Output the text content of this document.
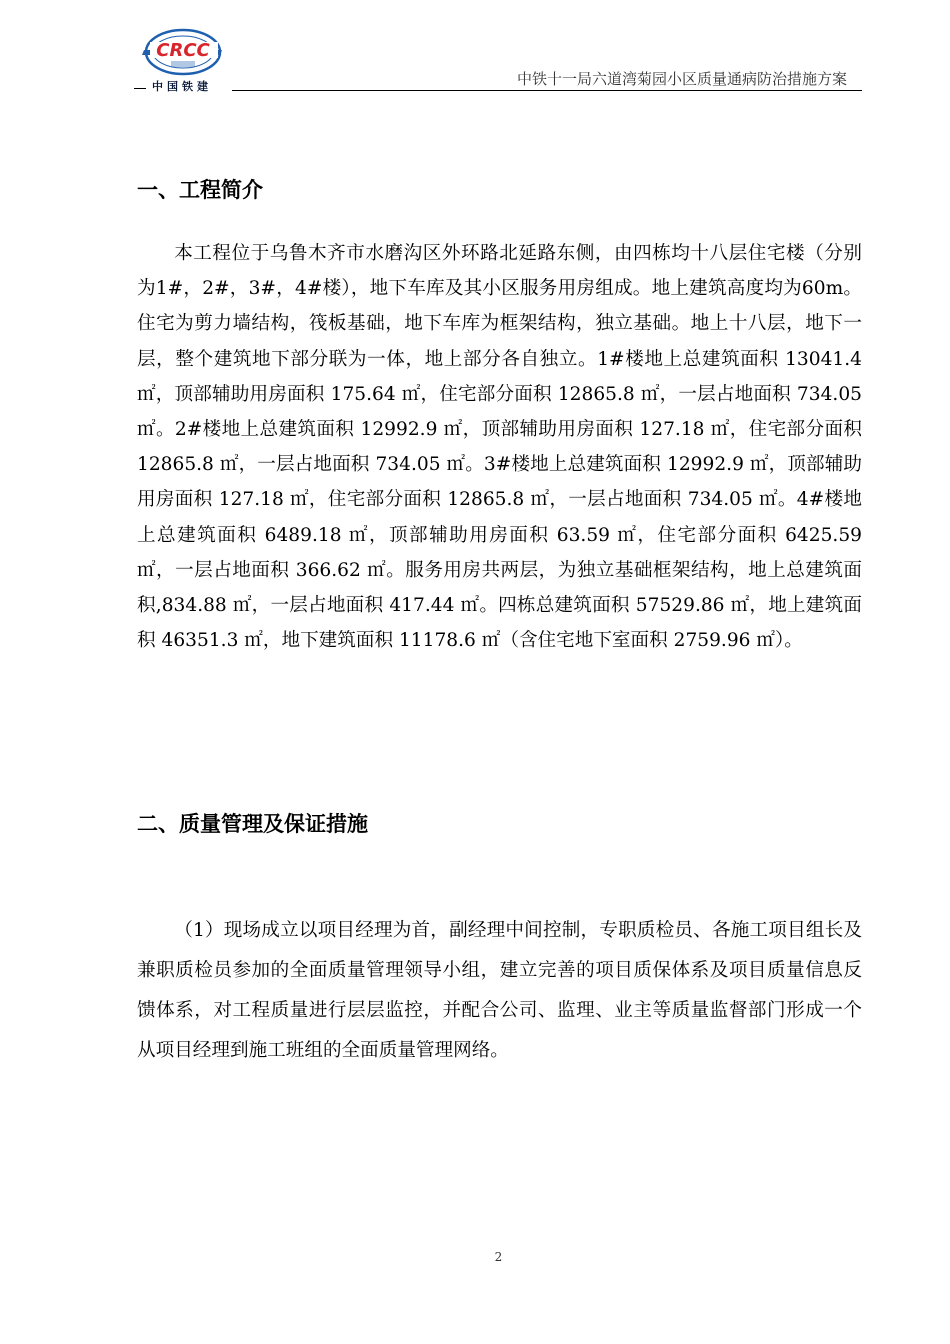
CRCC
中国铁建	中铁十一局六道湾菊园小区质量通病防治措施方案
一、工程简介

本工程位于乌鲁木齐市水磨沟区外环路北延路东侧，由四栋均十八层住宅楼（分别为1#，2#，3#，4#楼），地下车库及其小区服务用房组成。地上建筑高度均为60m。住宅为剪力墙结构，筏板基础，地下车库为框架结构，独立基础。地上十八层，地下一层，整个建筑地下部分联为一体，地上部分各自独立。1#楼地上总建筑面积 13041.4 ㎡，顶部辅助用房面积 175.64 ㎡，住宅部分面积 12865.8 ㎡，一层占地面积 734.05 ㎡。2#楼地上总建筑面积 12992.9 ㎡，顶部辅助用房面积 127.18 ㎡，住宅部分面积 12865.8 ㎡，一层占地面积 734.05 ㎡。3#楼地上总建筑面积 12992.9 ㎡，顶部辅助用房面积 127.18 ㎡，住宅部分面积 12865.8 ㎡，一层占地面积 734.05 ㎡。4#楼地上总建筑面积 6489.18 ㎡，顶部辅助用房面积 63.59 ㎡，住宅部分面积 6425.59 ㎡，一层占地面积 366.62 ㎡。服务用房共两层，为独立基础框架结构，地上总建筑面积,834.88 ㎡，一层占地面积 417.44 ㎡。四栋总建筑面积 57529.86 ㎡，地上建筑面积 46351.3 ㎡，地下建筑面积 11178.6 ㎡（含住宅地下室面积 2759.96 ㎡）。

二、质量管理及保证措施

（1）现场成立以项目经理为首，副经理中间控制，专职质检员、各施工项目组长及兼职质检员参加的全面质量管理领导小组，建立完善的项目质保体系及项目质量信息反馈体系，对工程质量进行层层监控，并配合公司、监理、业主等质量监督部门形成一个从项目经理到施工班组的全面质量管理网络。

2
